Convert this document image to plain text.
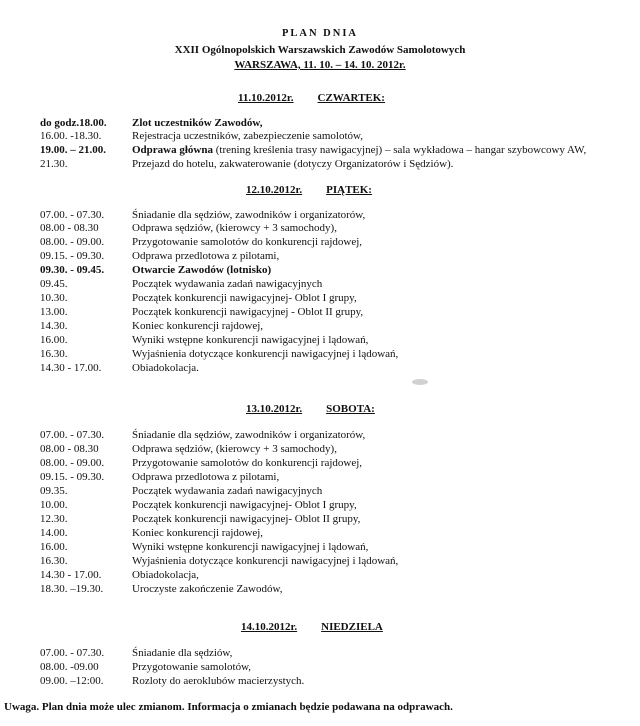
PLAN DNIA
XXII Ogólnopolskich Warszawskich Zawodów Samolotowych
WARSZAWA, 11. 10. – 14. 10. 2012r.
11.10.2012r. CZWARTEK:
do godz.18.00. Zlot uczestników Zawodów,
16.00. -18.30.	Rejestracja uczestników, zabezpieczenie samolotów,
19.00. – 21.00. Odprawa główna (trening kreślenia trasy nawigacyjnej) – sala wykładowa – hangar szybowcowy AW,
21.30.	Przejazd do hotelu, zakwaterowanie (dotyczy Organizatorów i Sędziów).
12.10.2012r. PIĄTEK:
07.00. - 07.30.	Śniadanie dla sędziów, zawodników i organizatorów,
08.00 - 08.30	Odprawa sędziów, (kierowcy + 3 samochody),
08.00. - 09.00.	Przygotowanie samolotów do konkurencji rajdowej,
09.15. - 09.30.	Odprawa przedlotowa z pilotami,
09.30. - 09.45.	Otwarcie Zawodów (lotnisko)
09.45.	Początek wydawania zadań nawigacyjnych
10.30.	Początek konkurencji nawigacyjnej- Oblot I grupy,
13.00.	Początek konkurencji nawigacyjnej - Oblot II grupy,
14.30.	Koniec konkurencji rajdowej,
16.00.	Wyniki wstępne konkurencji nawigacyjnej i lądowań,
16.30.	Wyjaśnienia dotyczące konkurencji nawigacyjnej i lądowań,
14.30 - 17.00.	Obiadokolacja.
13.10.2012r. SOBOTA:
07.00. - 07.30.	Śniadanie dla sędziów, zawodników i organizatorów,
08.00 - 08.30	Odprawa sędziów, (kierowcy + 3 samochody),
08.00. - 09.00.	Przygotowanie samolotów do konkurencji rajdowej,
09.15. - 09.30.	Odprawa przedlotowa z pilotami,
09.35.	Początek wydawania zadań nawigacyjnych
10.00.	Początek konkurencji nawigacyjnej- Oblot I grupy,
12.30.	Początek konkurencji nawigacyjnej- Oblot II grupy,
14.00.	Koniec konkurencji rajdowej,
16.00.	Wyniki wstępne konkurencji nawigacyjnej i lądowań,
16.30.	Wyjaśnienia dotyczące konkurencji nawigacyjnej i lądowań,
14.30 - 17.00.	Obiadokolacja,
18.30. –19.30.	Uroczyste zakończenie Zawodów,
14.10.2012r. NIEDZIELA
07.00. - 07.30.	Śniadanie dla sędziów,
08.00. -09.00	Przygotowanie samolotów,
09.00. –12:00.	Rozloty do aeroklubów macierzystych.
Uwaga. Plan dnia może ulec zmianom. Informacja o zmianach będzie podawana na odprawach.
